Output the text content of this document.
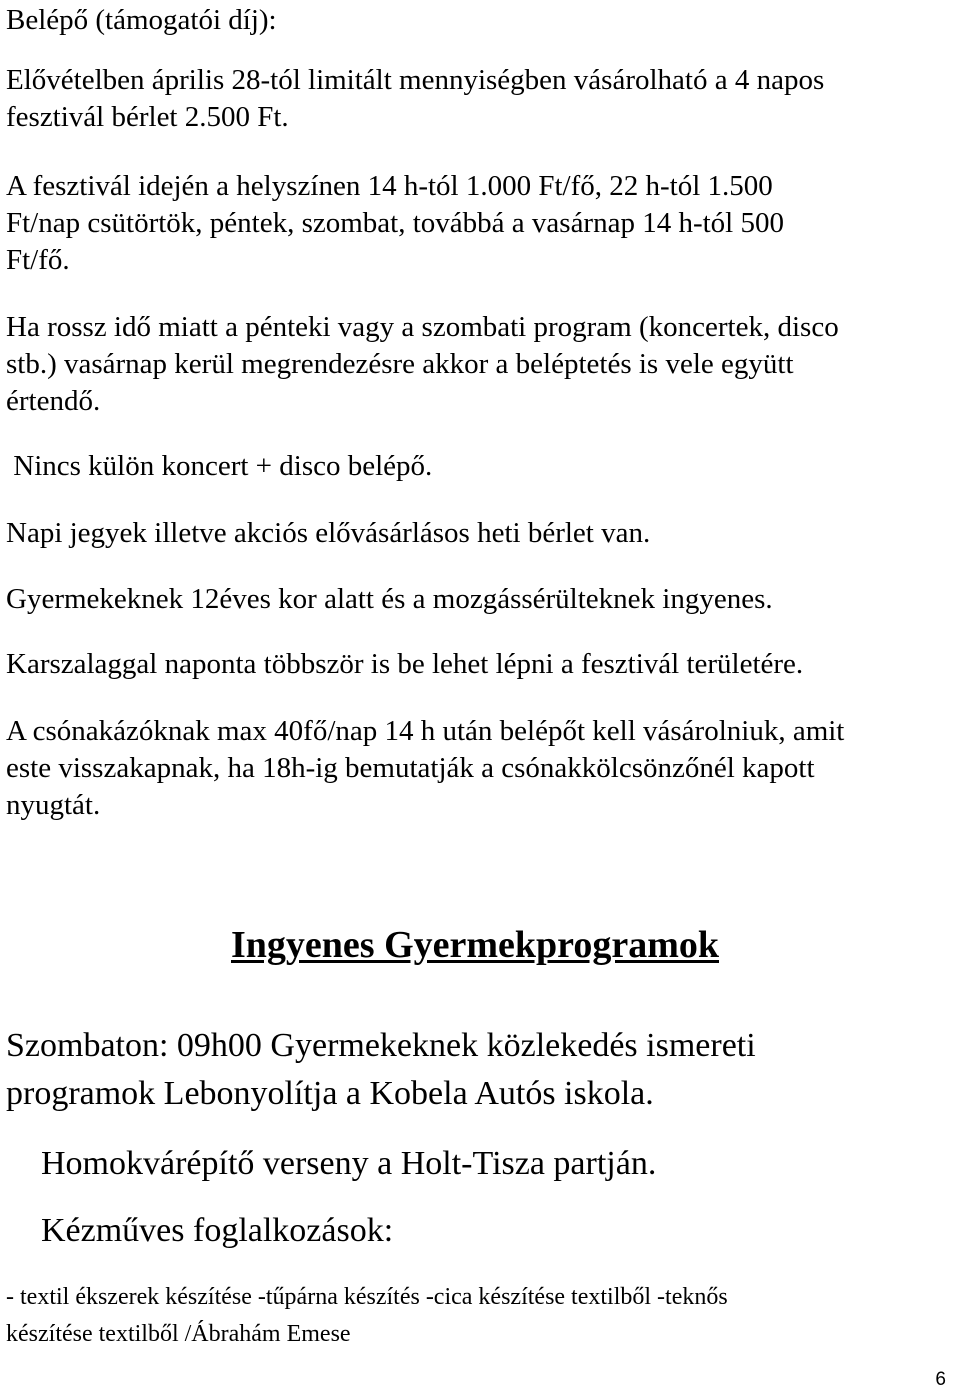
Belépő (támogatói díj):

Elővételben április 28-tól limitált mennyiségben vásárolható a 4 napos

fesztivál bérlet 2.500 Ft.

A fesztivál idején a helyszínen 14 h-tól 1.000 Ft/fő, 22 h-tól 1.500

Ft/nap csütörtök, péntek, szombat, továbbá a vasárnap 14 h-tól 500

Ft/fő.

Ha rossz idő miatt a pénteki vagy a szombati program (koncertek, disco

stb.) vasárnap kerül megrendezésre akkor a beléptetés is vele együtt

értendő.

Nincs külön koncert + disco belépő.

Napi jegyek illetve akciós elővásárlásos heti bérlet van.

Gyermekeknek 12éves kor alatt és a mozgássérülteknek ingyenes.

Karszalaggal naponta többször is be lehet lépni a fesztivál területére.

A csónakázóknak max 40fő/nap 14 h után belépőt kell vásárolniuk, amit

este visszakapnak, ha 18h-ig bemutatják a csónakkölcsönzőnél kapott

nyugtát.

Ingyenes Gyermekprogramok

Szombaton: 09h00 Gyermekeknek közlekedés ismereti

programok Lebonyolítja a Kobela Autós iskola.

Homokvárépítő verseny a Holt-Tisza partján.

Kézműves foglalkozások:

- textil ékszerek készítése -tűpárna készítés -cica készítése textilből -teknős

készítése textilből /Ábrahám Emese

6
